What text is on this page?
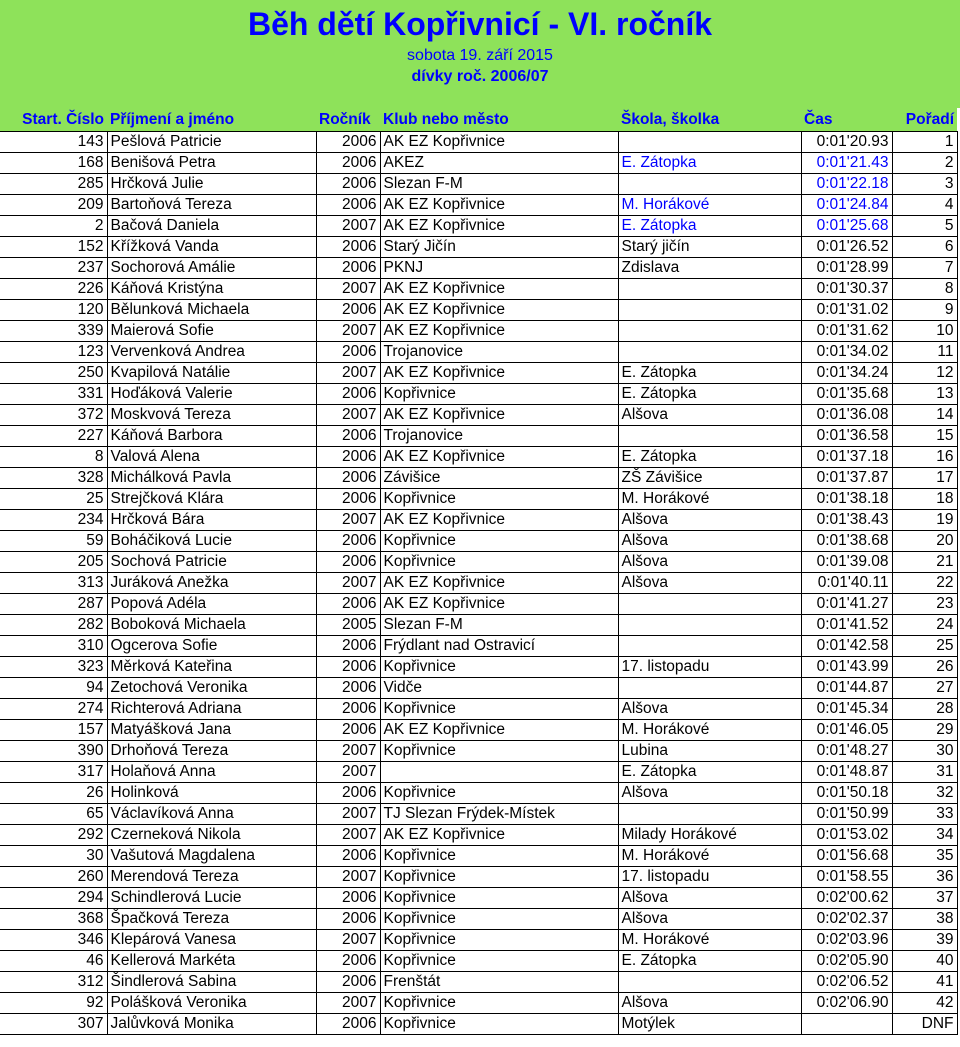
Běh dětí Kopřivnicí - VI. ročník
sobota 19. září 2015
dívky roč. 2006/07
Start. Číslo	Příjmení a jméno	Ročník	Klub nebo město	Škola, školka	Čas	Pořadí
143	Pešlová Patricie	2006	AK EZ Kopřivnice		0:01'20.93	1
168	Benišová Petra	2006	AKEZ	E. Zátopka	0:01'21.43	2
285	Hrčková Julie	2006	Slezan F-M		0:01'22.18	3
209	Bartoňová Tereza	2006	AK EZ Kopřivnice	M. Horákové	0:01'24.84	4
2	Bačová Daniela	2007	AK EZ Kopřivnice	E. Zátopka	0:01'25.68	5
152	Křížková Vanda	2006	Starý Jičín	Starý jičín	0:01'26.52	6
237	Sochorová Amálie	2006	PKNJ	Zdislava	0:01'28.99	7
226	Káňová Kristýna	2007	AK EZ Kopřivnice		0:01'30.37	8
120	Bělunková Michaela	2006	AK EZ Kopřivnice		0:01'31.02	9
339	Maierová Sofie	2007	AK EZ Kopřivnice		0:01'31.62	10
123	Vervenková Andrea	2006	Trojanovice		0:01'34.02	11
250	Kvapilová Natálie	2007	AK EZ Kopřivnice	E. Zátopka	0:01'34.24	12
331	Hoďáková Valerie	2006	Kopřivnice	E. Zátopka	0:01'35.68	13
372	Moskvová Tereza	2007	AK EZ Kopřivnice	Alšova	0:01'36.08	14
227	Káňová Barbora	2006	Trojanovice		0:01'36.58	15
8	Valová Alena	2006	AK EZ Kopřivnice	E. Zátopka	0:01'37.18	16
328	Michálková Pavla	2006	Závišice	ZŠ Závišice	0:01'37.87	17
25	Strejčková Klára	2006	Kopřivnice	M. Horákové	0:01'38.18	18
234	Hrčková Bára	2007	AK EZ Kopřivnice	Alšova	0:01'38.43	19
59	Boháčiková Lucie	2006	Kopřivnice	Alšova	0:01'38.68	20
205	Sochová Patricie	2006	Kopřivnice	Alšova	0:01'39.08	21
313	Juráková Anežka	2007	AK EZ Kopřivnice	Alšova	0:01'40.11	22
287	Popová Adéla	2006	AK EZ Kopřivnice		0:01'41.27	23
282	Boboková Michaela	2005	Slezan F-M		0:01'41.52	24
310	Ogcerova Sofie	2006	Frýdlant nad Ostravicí		0:01'42.58	25
323	Měrková Kateřina	2006	Kopřivnice	17. listopadu	0:01'43.99	26
94	Zetochová Veronika	2006	Vidče		0:01'44.87	27
274	Richterová Adriana	2006	Kopřivnice	Alšova	0:01'45.34	28
157	Matyášková Jana	2006	AK EZ Kopřivnice	M. Horákové	0:01'46.05	29
390	Drhoňová Tereza	2007	Kopřivnice	Lubina	0:01'48.27	30
317	Holaňová Anna	2007		E. Zátopka	0:01'48.87	31
26	Holinková	2006	Kopřivnice	Alšova	0:01'50.18	32
65	Václavíková Anna	2007	TJ Slezan Frýdek-Místek		0:01'50.99	33
292	Czerneková Nikola	2007	AK EZ Kopřivnice	Milady Horákové	0:01'53.02	34
30	Vašutová Magdalena	2006	Kopřivnice	M. Horákové	0:01'56.68	35
260	Merendová Tereza	2007	Kopřivnice	17. listopadu	0:01'58.55	36
294	Schindlerová Lucie	2006	Kopřivnice	Alšova	0:02'00.62	37
368	Špačková Tereza	2006	Kopřivnice	Alšova	0:02'02.37	38
346	Klepárová Vanesa	2007	Kopřivnice	M. Horákové	0:02'03.96	39
46	Kellerová Markéta	2006	Kopřivnice	E. Zátopka	0:02'05.90	40
312	Šindlerová Sabina	2006	Frenštát		0:02'06.52	41
92	Polášková Veronika	2007	Kopřivnice	Alšova	0:02'06.90	42
307	Jalůvková Monika	2006	Kopřivnice	Motýlek		DNF
